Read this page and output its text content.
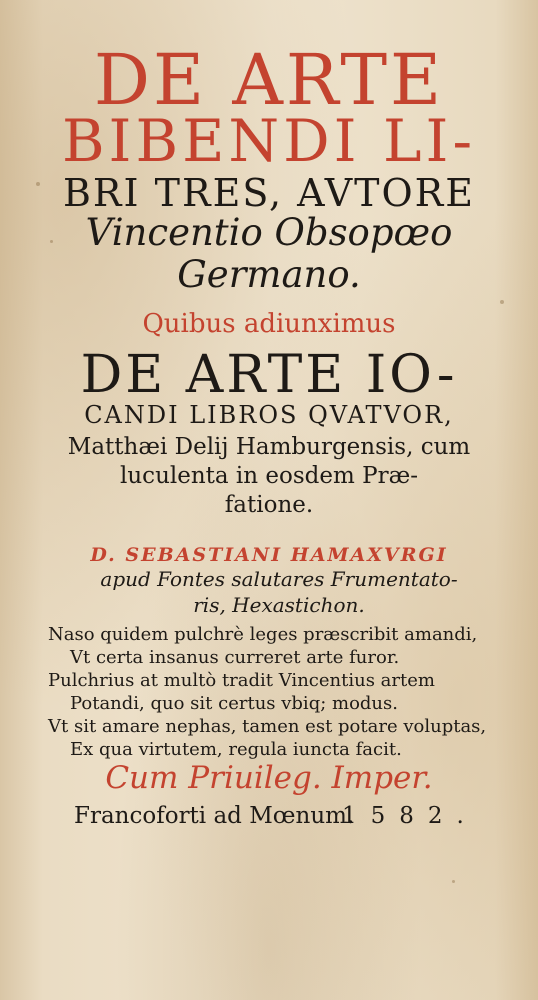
DE ARTE
BIBENDI LI-
BRI TRES, AVTORE
Vincentio Obsopœo
Germano.
Quibus adiunximus
DE ARTE IO-
CANDI LIBROS QVATVOR,
Matthæi Delij Hamburgensis, cum
luculenta in eosdem Præ-
fatione.
D. SEBASTIANI HAMAXVRGI
apud Fontes salutares Frumentato-
ris, Hexastichon.
Naso quidem pulchrè leges præscribit amandi,
Vt certa insanus curreret arte furor.
Pulchrius at multò tradit Vincentius artem
Potandi, quo sit certus vbiq; modus.
Vt sit amare nephas, tamen est potare voluptas,
Ex qua virtutem, regula iuncta facit.
Cum Priuileg. Imper.
Francoforti ad Mœnum.
1582.
